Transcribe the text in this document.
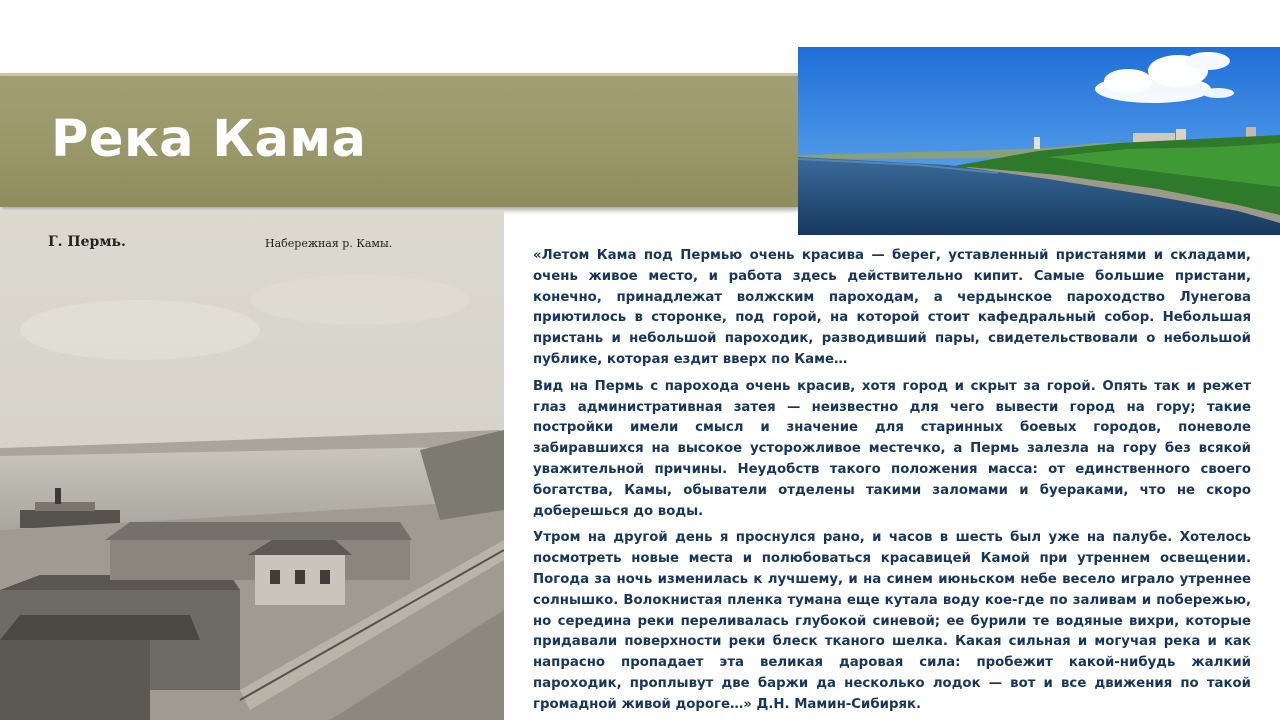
Река Кама
Г. Пермь.	Набережная р. Камы.

«Летом Кама под Пермью очень красива — берег, уставленный пристанями и складами, очень живое место, и работа здесь действительно кипит. Самые большие пристани, конечно, принадлежат волжским пароходам, а чердынское пароходство Лунегова приютилось в сторонке, под горой, на которой стоит кафедральный собор. Небольшая пристань и небольшой пароходик, разводивший пары, свидетельствовали о небольшой публике, которая ездит вверх по Каме…

Вид на Пермь с парохода очень красив, хотя город и скрыт за горой. Опять так и режет глаз административная затея — неизвестно для чего вывести город на гору; такие постройки имели смысл и значение для старинных боевых городов, поневоле забиравшихся на высокое усторожливое местечко, а Пермь залезла на гору без всякой уважительной причины. Неудобств такого положения масса: от единственного своего богатства, Камы, обыватели отделены такими заломами и буераками, что не скоро доберешься до воды.

Утром на другой день я проснулся рано, и часов в шесть был уже на палубе. Хотелось посмотреть новые места и полюбоваться красавицей Камой при утреннем освещении. Погода за ночь изменилась к лучшему, и на синем июньском небе весело играло утреннее солнышко. Волокнистая пленка тумана еще кутала воду кое-где по заливам и побережью, но середина реки переливалась глубокой синевой; ее бурили те водяные вихри, которые придавали поверхности реки блеск тканого шелка. Какая сильная и могучая река и как напрасно пропадает эта великая даровая сила: пробежит какой-нибудь жалкий пароходик, проплывут две баржи да несколько лодок — вот и все движения по такой громадной живой дороге…» Д.Н. Мамин-Сибиряк.
